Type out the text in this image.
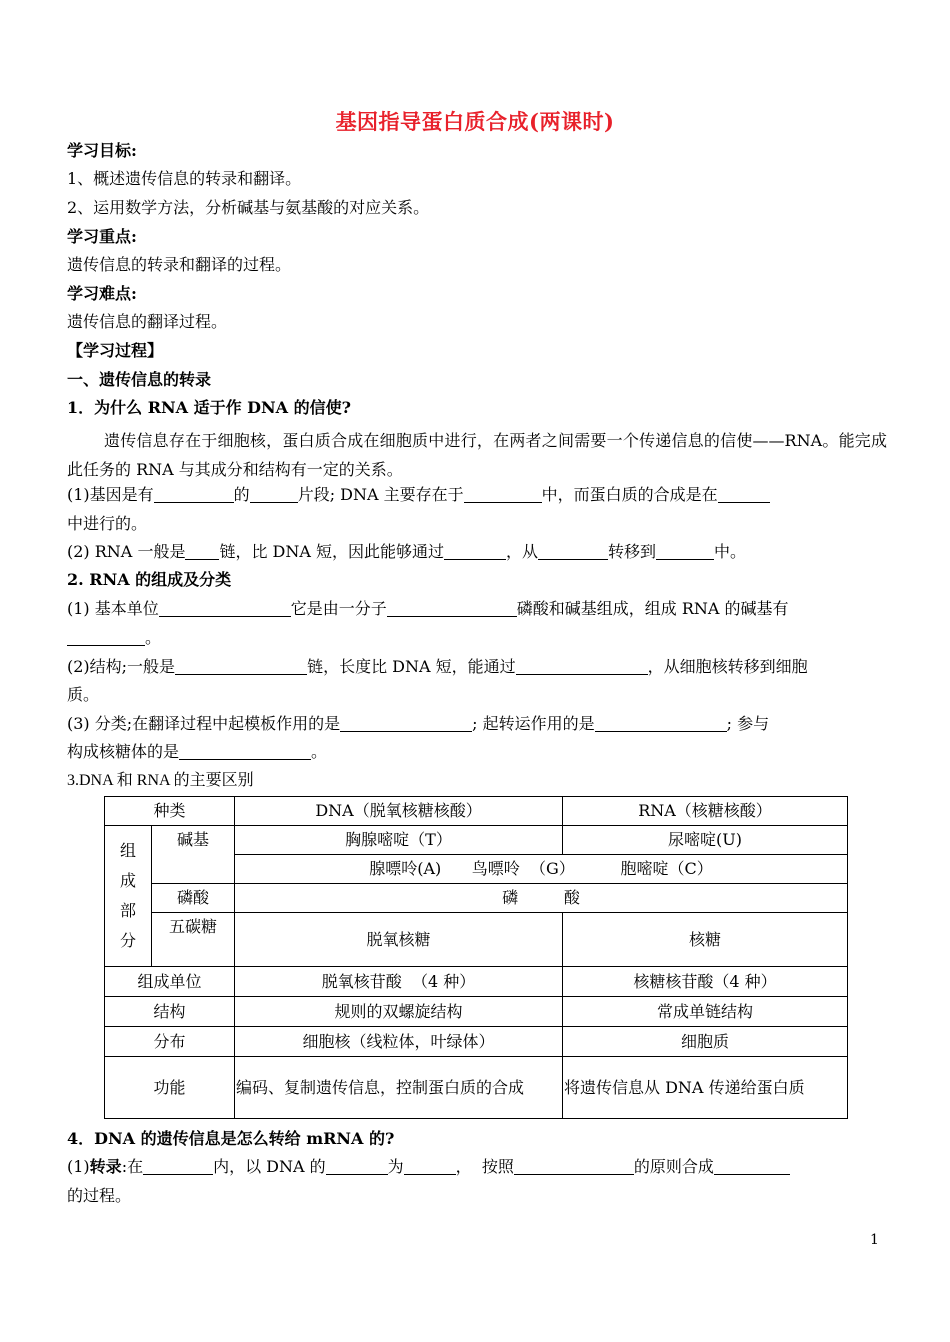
基因指导蛋白质合成(两课时)
学习目标:
1、概述遗传信息的转录和翻译。
2、运用数学方法，分析碱基与氨基酸的对应关系。
学习重点:
遗传信息的转录和翻译的过程。
学习难点:
遗传信息的翻译过程。
【学习过程】
一、遗传信息的转录
1．为什么 RNA 适于作 DNA 的信使?
遗传信息存在于细胞核，蛋白质合成在细胞质中进行，在两者之间需要一个传递信息的信使——RNA。能完成此任务的 RNA 与其成分和结构有一定的关系。
(1)基因是有	的	片段; DNA 主要存在于	中，而蛋白质的合成是在
中进行的。
(2) RNA 一般是 链，比 DNA 短，因此能够通过	，从	转移到	中。
2. RNA 的组成及分类
(1) 基本单位	它是由一分子	磷酸和碱基组成，组成 RNA 的碱基有
。
(2)结构;一般是	链，长度比 DNA 短，能通过	，从细胞核转移到细胞
质。
(3) 分类;在翻译过程中起模板作用的是	; 起转运作用的是	; 参与
构成核糖体的是	。
3.DNA 和 RNA 的主要区别
种类		DNA（脱氧核糖核酸）	RNA（核糖核酸）
组
成
部
分	碱基	胸腺嘧啶（T）	尿嘧啶(U)
		腺嘌呤(A)      鸟嘌呤  （G）         胞嘧啶（C）	
	磷酸	磷         酸	
	五碳糖	脱氧核糖	核糖
组成单位		脱氧核苷酸  （4 种）	核糖核苷酸（4 种）
结构		规则的双螺旋结构	常成单链结构
分布		细胞核（线粒体，叶绿体）	细胞质
功能		编码、复制遗传信息，控制蛋白质的合成	将遗传信息从 DNA 传递给蛋白质
4．DNA 的遗传信息是怎么转给 mRNA 的?
(1)转录:在	内，以 DNA 的	为	，  按照	的原则合成
的过程。
1
